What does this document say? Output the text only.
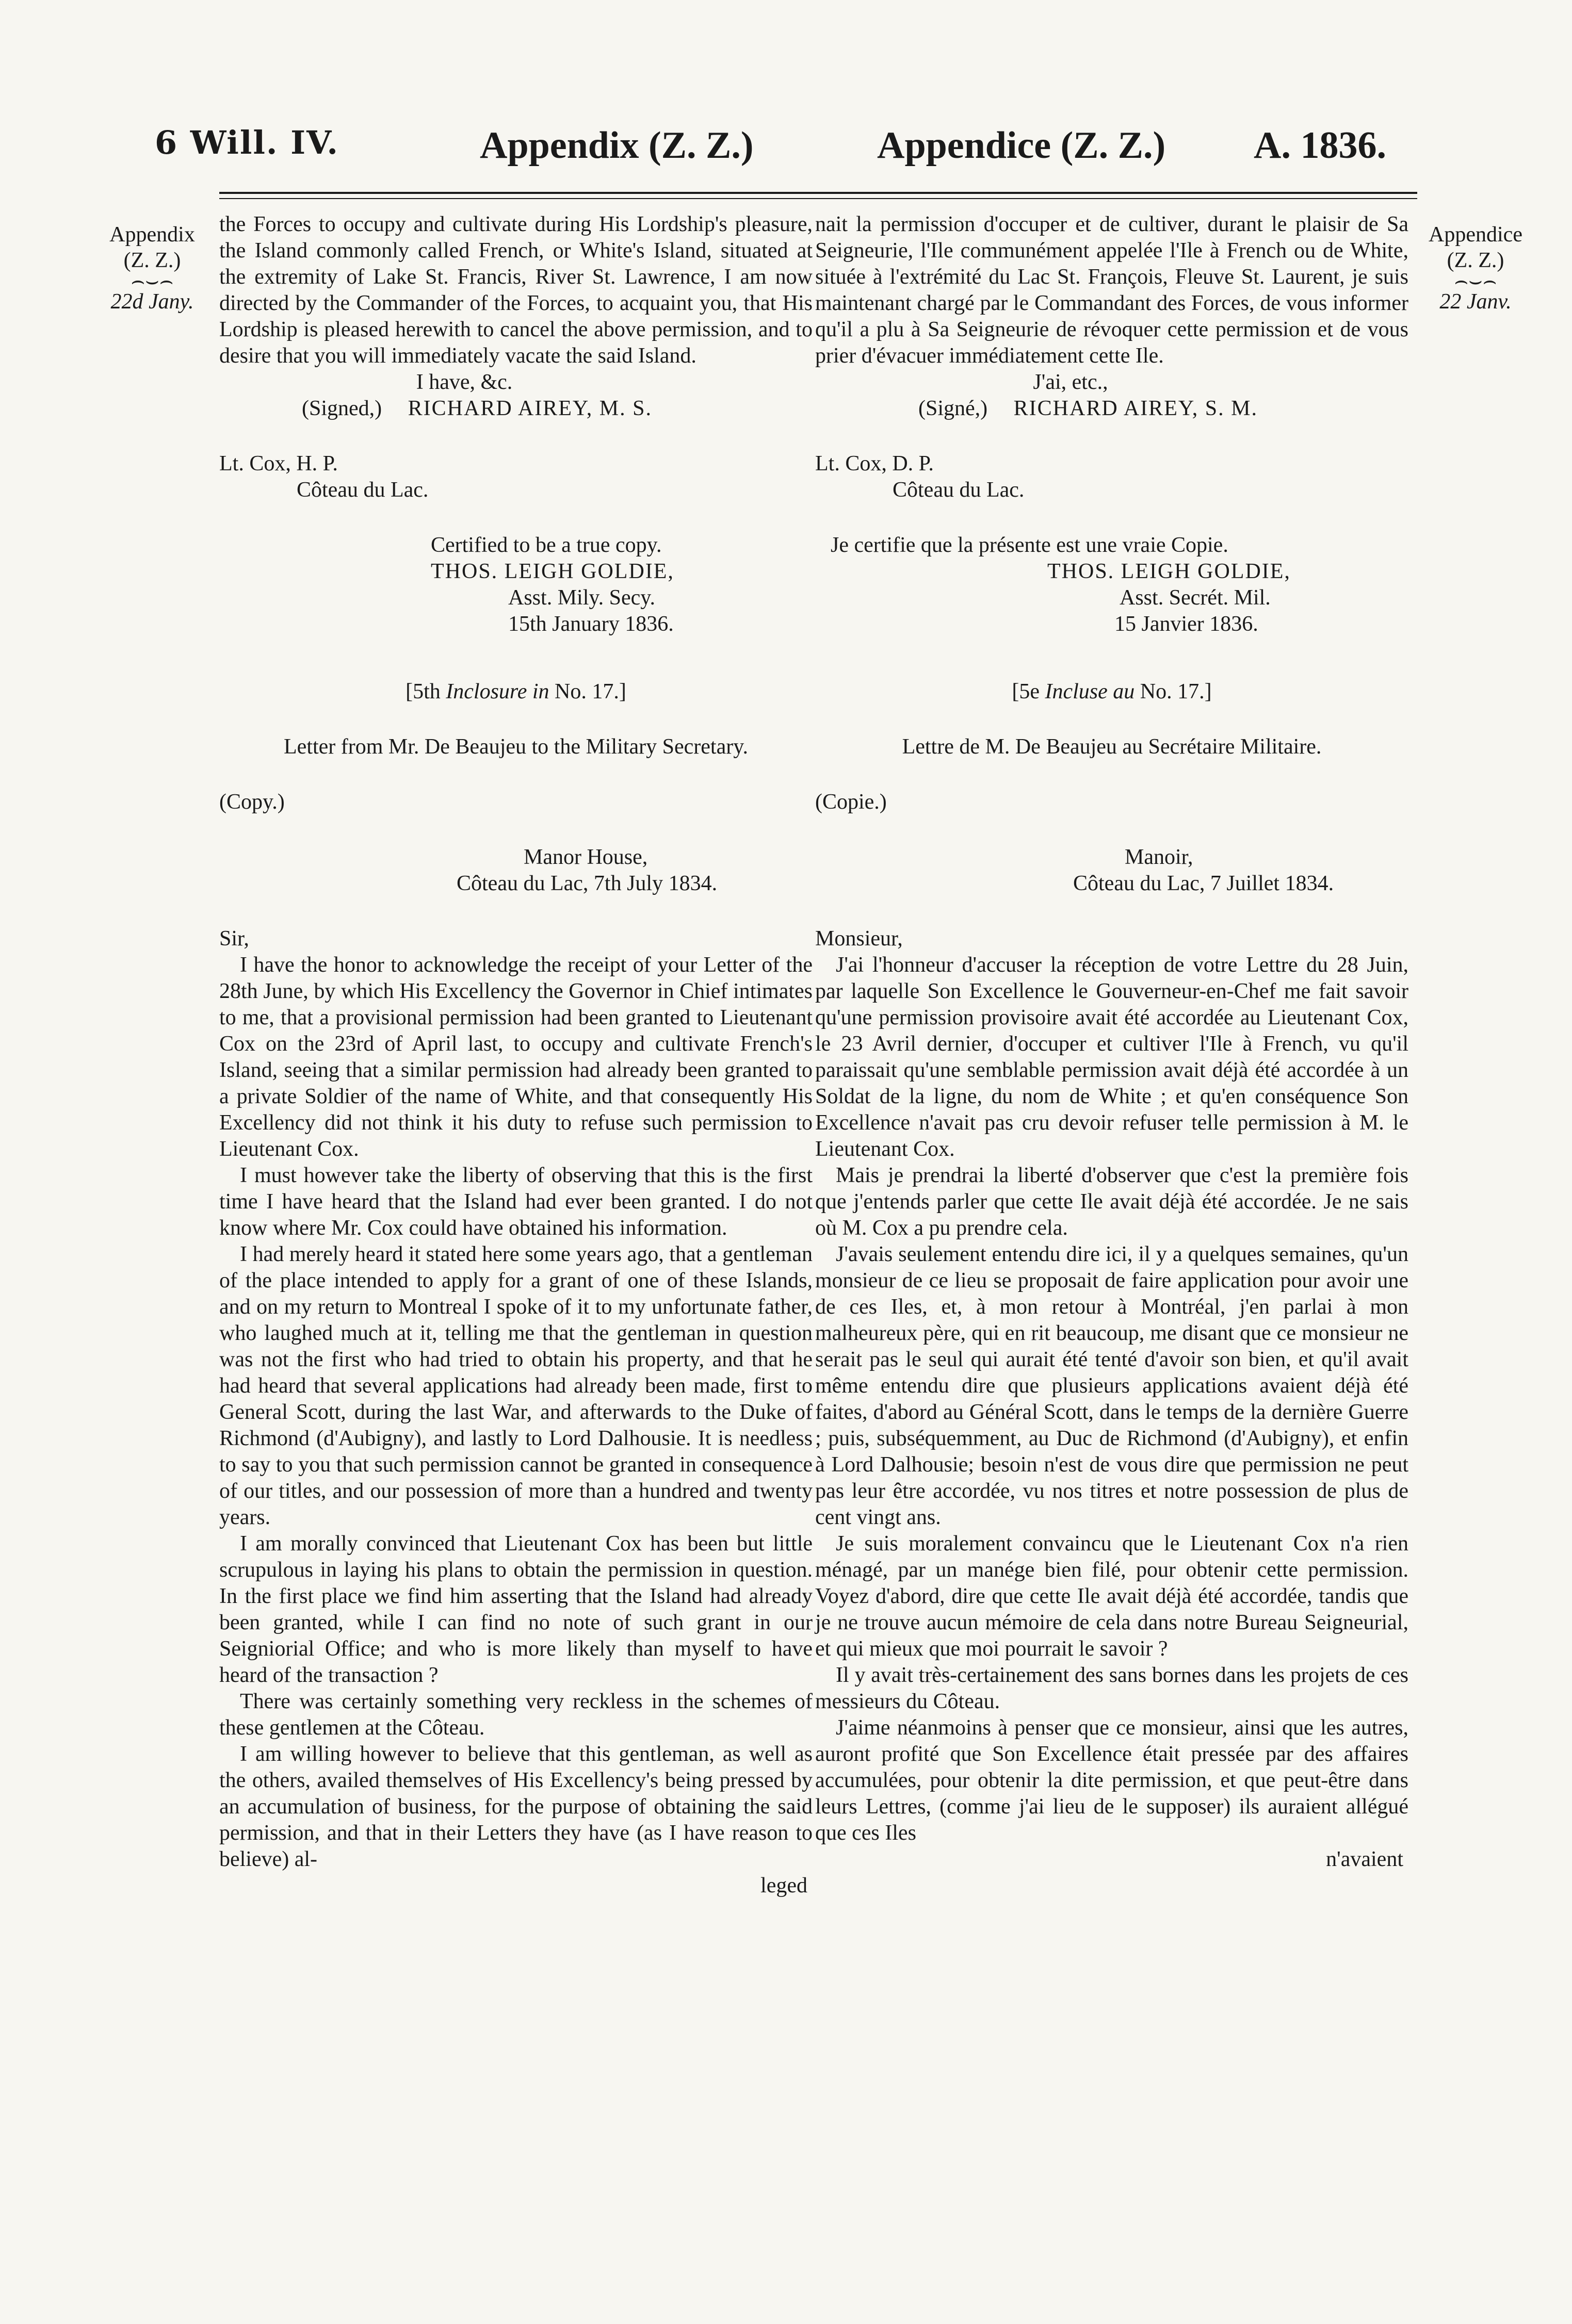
6 Will. IV.	Appendix (Z. Z.)	Appendice (Z. Z.) A. 1836.
Appendix
(Z. Z.)
⌢⌣⌢
22d Jany.
Appendice
(Z. Z.)
⌢⌣⌢
22 Janv.

the Forces to occupy and cultivate during His Lordship's pleasure, the Island commonly called French, or White's Island, situated at the extremity of Lake St. Francis, River St. Lawrence, I am now directed by the Commander of the Forces, to acquaint you, that His Lordship is pleased herewith to cancel the above permission, and to desire that you will immediately vacate the said Island.

I have, &c.
(Signed,) RICHARD AIREY, M. S.
Lt. Cox, H. P.
Côteau du Lac.
Certified to be a true copy.
THOS. LEIGH GOLDIE,
Asst. Mily. Secy.
15th January 1836.
[5th Inclosure in No. 17.]
Letter from Mr. De Beaujeu to the Military Secretary.
(Copy.)
Manor House,
Côteau du Lac, 7th July 1834.
Sir,

I have the honor to acknowledge the receipt of your Letter of the 28th June, by which His Excellency the Governor in Chief intimates to me, that a provisional permission had been granted to Lieutenant Cox on the 23rd of April last, to occupy and cultivate French's Island, seeing that a similar permission had already been granted to a private Soldier of the name of White, and that consequently His Excellency did not think it his duty to refuse such permission to Lieutenant Cox.

I must however take the liberty of observing that this is the first time I have heard that the Island had ever been granted. I do not know where Mr. Cox could have obtained his information.

I had merely heard it stated here some years ago, that a gentleman of the place intended to apply for a grant of one of these Islands, and on my return to Montreal I spoke of it to my unfortunate father, who laughed much at it, telling me that the gentleman in question was not the first who had tried to obtain his property, and that he had heard that several applications had already been made, first to General Scott, during the last War, and afterwards to the Duke of Richmond (d'Aubigny), and lastly to Lord Dalhousie. It is needless to say to you that such permission cannot be granted in consequence of our titles, and our possession of more than a hundred and twenty years.

I am morally convinced that Lieutenant Cox has been but little scrupulous in laying his plans to obtain the permission in question. In the first place we find him asserting that the Island had already been granted, while I can find no note of such grant in our Seigniorial Office; and who is more likely than myself to have heard of the transaction ?

There was certainly something very reckless in the schemes of these gentlemen at the Côteau.

I am willing however to believe that this gentleman, as well as the others, availed themselves of His Excellency's being pressed by an accumulation of business, for the purpose of obtaining the said permission, and that in their Letters they have (as I have reason to believe) al-

leged

nait la permission d'occuper et de cultiver, durant le plaisir de Sa Seigneurie, l'Ile communément appelée l'Ile à French ou de White, située à l'extrémité du Lac St. François, Fleuve St. Laurent, je suis maintenant chargé par le Commandant des Forces, de vous informer qu'il a plu à Sa Seigneurie de révoquer cette permission et de vous prier d'évacuer immédiatement cette Ile.

J'ai, etc.,
(Signé,) RICHARD AIREY, S. M.
Lt. Cox, D. P.
Côteau du Lac.
Je certifie que la présente est une vraie Copie.
THOS. LEIGH GOLDIE,
Asst. Secrét. Mil.
15 Janvier 1836.
[5e Incluse au No. 17.]
Lettre de M. De Beaujeu au Secrétaire Militaire.
(Copie.)
Manoir,
Côteau du Lac, 7 Juillet 1834.
Monsieur,

J'ai l'honneur d'accuser la réception de votre Lettre du 28 Juin, par laquelle Son Excellence le Gouverneur-en-Chef me fait savoir qu'une permission provisoire avait été accordée au Lieutenant Cox, le 23 Avril dernier, d'occuper et cultiver l'Ile à French, vu qu'il paraissait qu'une semblable permission avait déjà été accordée à un Soldat de la ligne, du nom de White ; et qu'en conséquence Son Excellence n'avait pas cru devoir refuser telle permission à M. le Lieutenant Cox.

Mais je prendrai la liberté d'observer que c'est la première fois que j'entends parler que cette Ile avait déjà été accordée. Je ne sais où M. Cox a pu prendre cela.

J'avais seulement entendu dire ici, il y a quelques semaines, qu'un monsieur de ce lieu se proposait de faire application pour avoir une de ces Iles, et, à mon retour à Montréal, j'en parlai à mon malheureux père, qui en rit beaucoup, me disant que ce monsieur ne serait pas le seul qui aurait été tenté d'avoir son bien, et qu'il avait même entendu dire que plusieurs applications avaient déjà été faites, d'abord au Général Scott, dans le temps de la dernière Guerre ; puis, subséquemment, au Duc de Richmond (d'Aubigny), et enfin à Lord Dalhousie; besoin n'est de vous dire que permission ne peut pas leur être accordée, vu nos titres et notre possession de plus de cent vingt ans.

Je suis moralement convaincu que le Lieutenant Cox n'a rien ménagé, par un manége bien filé, pour obtenir cette permission. Voyez d'abord, dire que cette Ile avait déjà été accordée, tandis que je ne trouve aucun mémoire de cela dans notre Bureau Seigneurial, et qui mieux que moi pourrait le savoir ?

Il y avait très-certainement des sans bornes dans les projets de ces messieurs du Côteau.

J'aime néanmoins à penser que ce monsieur, ainsi que les autres, auront profité que Son Excellence était pressée par des affaires accumulées, pour obtenir la dite permission, et que peut-être dans leurs Lettres, (comme j'ai lieu de le supposer) ils auraient allégué que ces Iles

n'avaient
